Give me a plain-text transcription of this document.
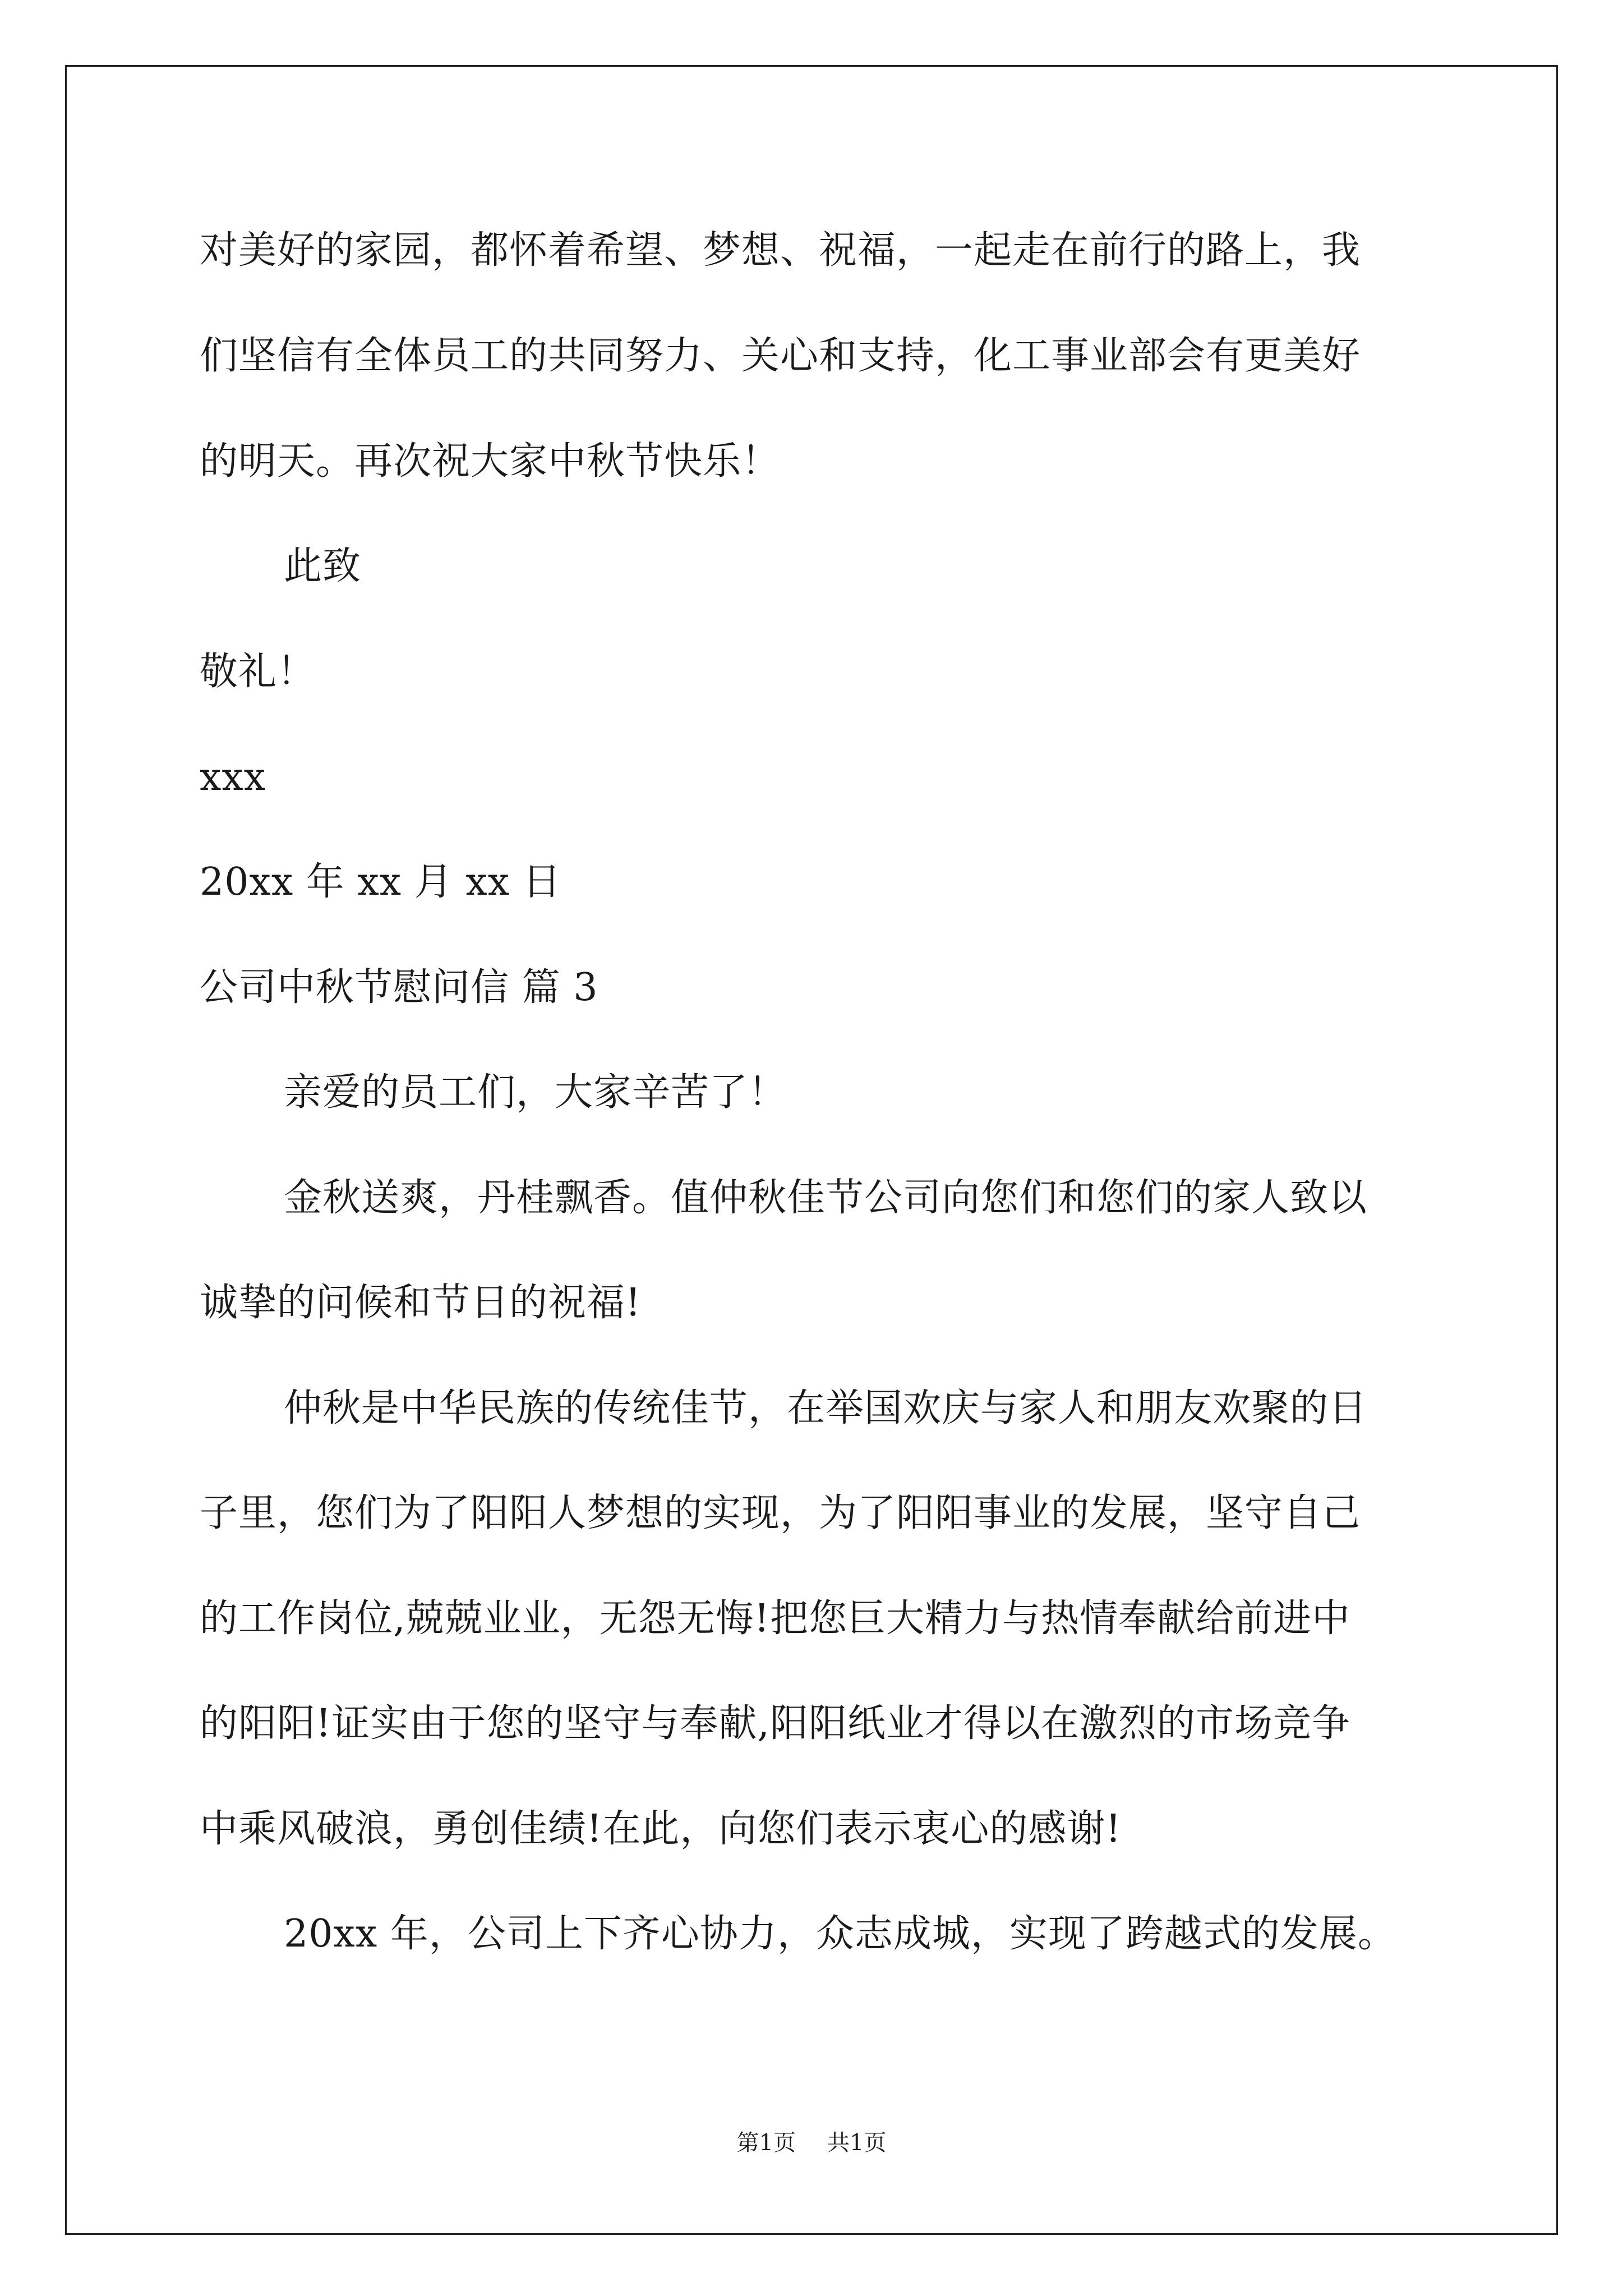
对美好的家园，都怀着希望、梦想、祝福，一起走在前行的路上，我
们坚信有全体员工的共同努力、关心和支持，化工事业部会有更美好
的明天。再次祝大家中秋节快乐！
此致
敬礼！
xxx
20xx 年 xx 月 xx 日
公司中秋节慰问信 篇 3
亲爱的员工们，大家辛苦了！
金秋送爽，丹桂飘香。值仲秋佳节公司向您们和您们的家人致以
诚挚的问候和节日的祝福!
仲秋是中华民族的传统佳节，在举国欢庆与家人和朋友欢聚的日
子里，您们为了阳阳人梦想的实现，为了阳阳事业的发展，坚守自己
的工作岗位,兢兢业业，无怨无悔!把您巨大精力与热情奉献给前进中
的阳阳!证实由于您的坚守与奉献,阳阳纸业才得以在激烈的市场竞争
中乘风破浪，勇创佳绩!在此，向您们表示衷心的感谢!
20xx 年，公司上下齐心协力，众志成城，实现了跨越式的发展。
第1页 共1页
